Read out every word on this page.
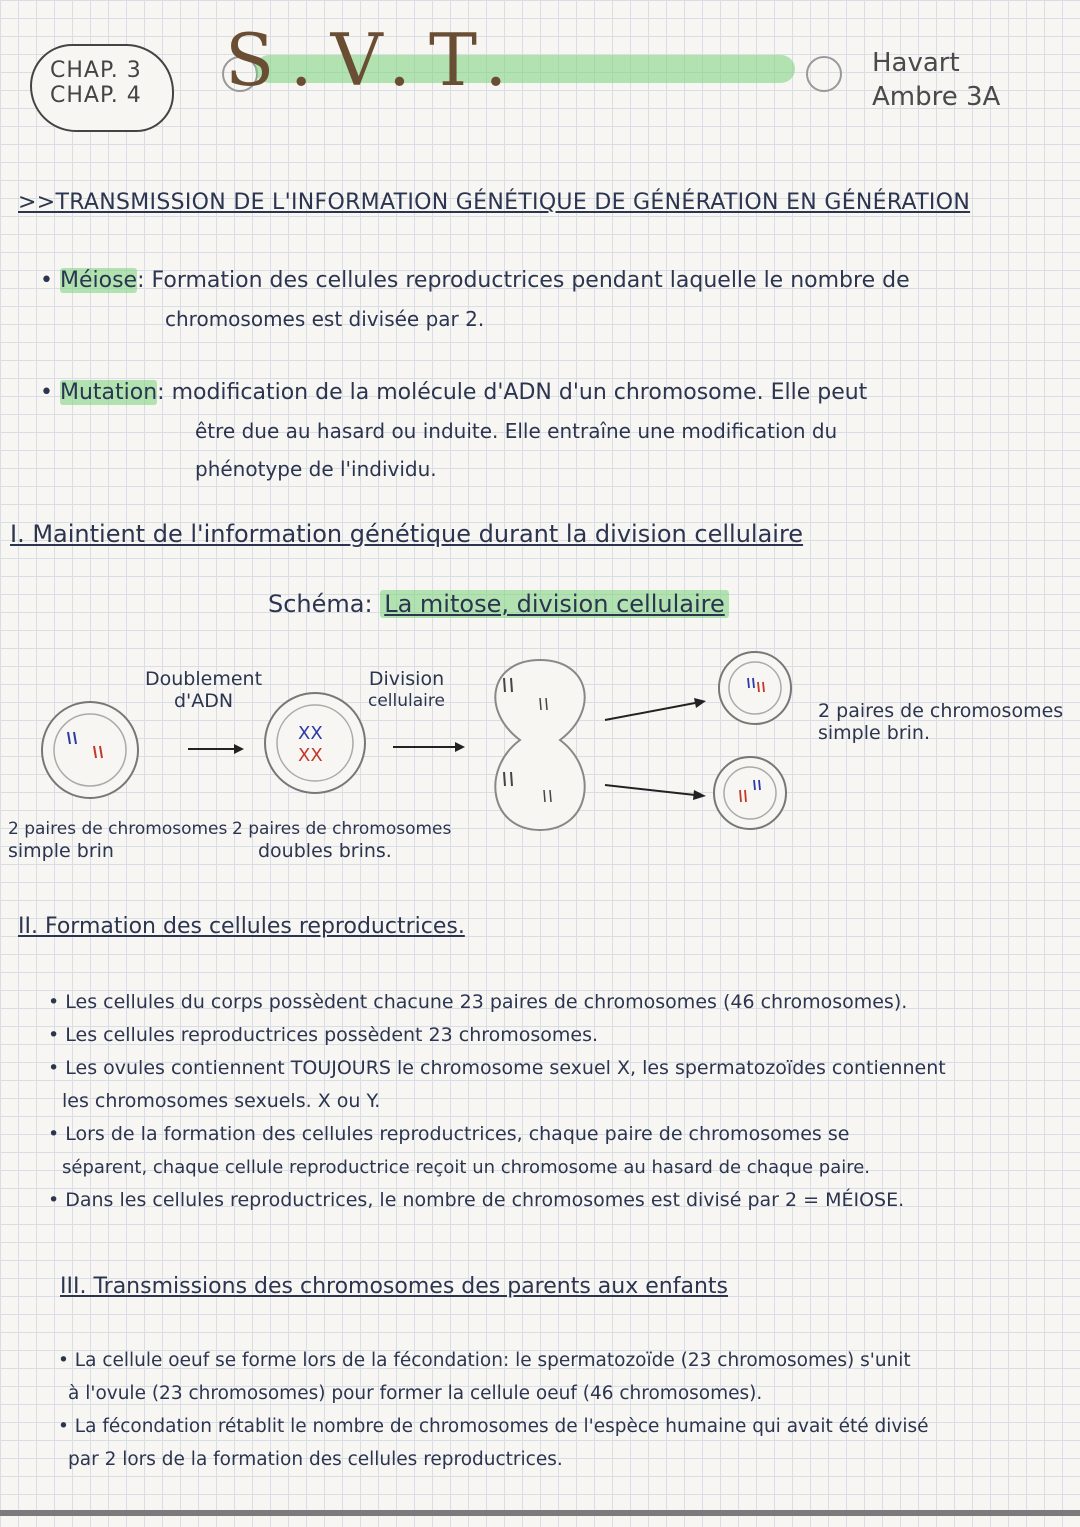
CHAP. 3
CHAP. 4	S.V.T.	Havart
Ambre 3A
>>TRANSMISSION DE L'INFORMATION GÉNÉTIQUE DE GÉNÉRATION EN GÉNÉRATION
• Méiose: Formation des cellules reproductrices pendant laquelle le nombre de
chromosomes est divisée par 2.
• Mutation: modification de la molécule d'ADN d'un chromosome. Elle peut
être due au hasard ou induite. Elle entraîne une modification du
phénotype de l'individu.
I. Maintient de l'information génétique durant la division cellulaire
Schéma: La mitose, division cellulaire
XX
XX
Doublement
d'ADN
Division
cellulaire	2 paires de chromosomes
simple brin.
2 paires de chromosomes
simple brin
2 paires de chromosomes
doubles brins.
II. Formation des cellules reproductrices.
• Les cellules du corps possèdent chacune 23 paires de chromosomes (46 chromosomes).
• Les cellules reproductrices possèdent 23 chromosomes.
• Les ovules contiennent TOUJOURS le chromosome sexuel X, les spermatozoïdes contiennent
les chromosomes sexuels. X ou Y.
• Lors de la formation des cellules reproductrices, chaque paire de chromosomes se
séparent, chaque cellule reproductrice reçoit un chromosome au hasard de chaque paire.
• Dans les cellules reproductrices, le nombre de chromosomes est divisé par 2 = MÉIOSE.
III. Transmissions des chromosomes des parents aux enfants
• La cellule oeuf se forme lors de la fécondation: le spermatozoïde (23 chromosomes) s'unit
à l'ovule (23 chromosomes) pour former la cellule oeuf (46 chromosomes).
• La fécondation rétablit le nombre de chromosomes de l'espèce humaine qui avait été divisé
par 2 lors de la formation des cellules reproductrices.
